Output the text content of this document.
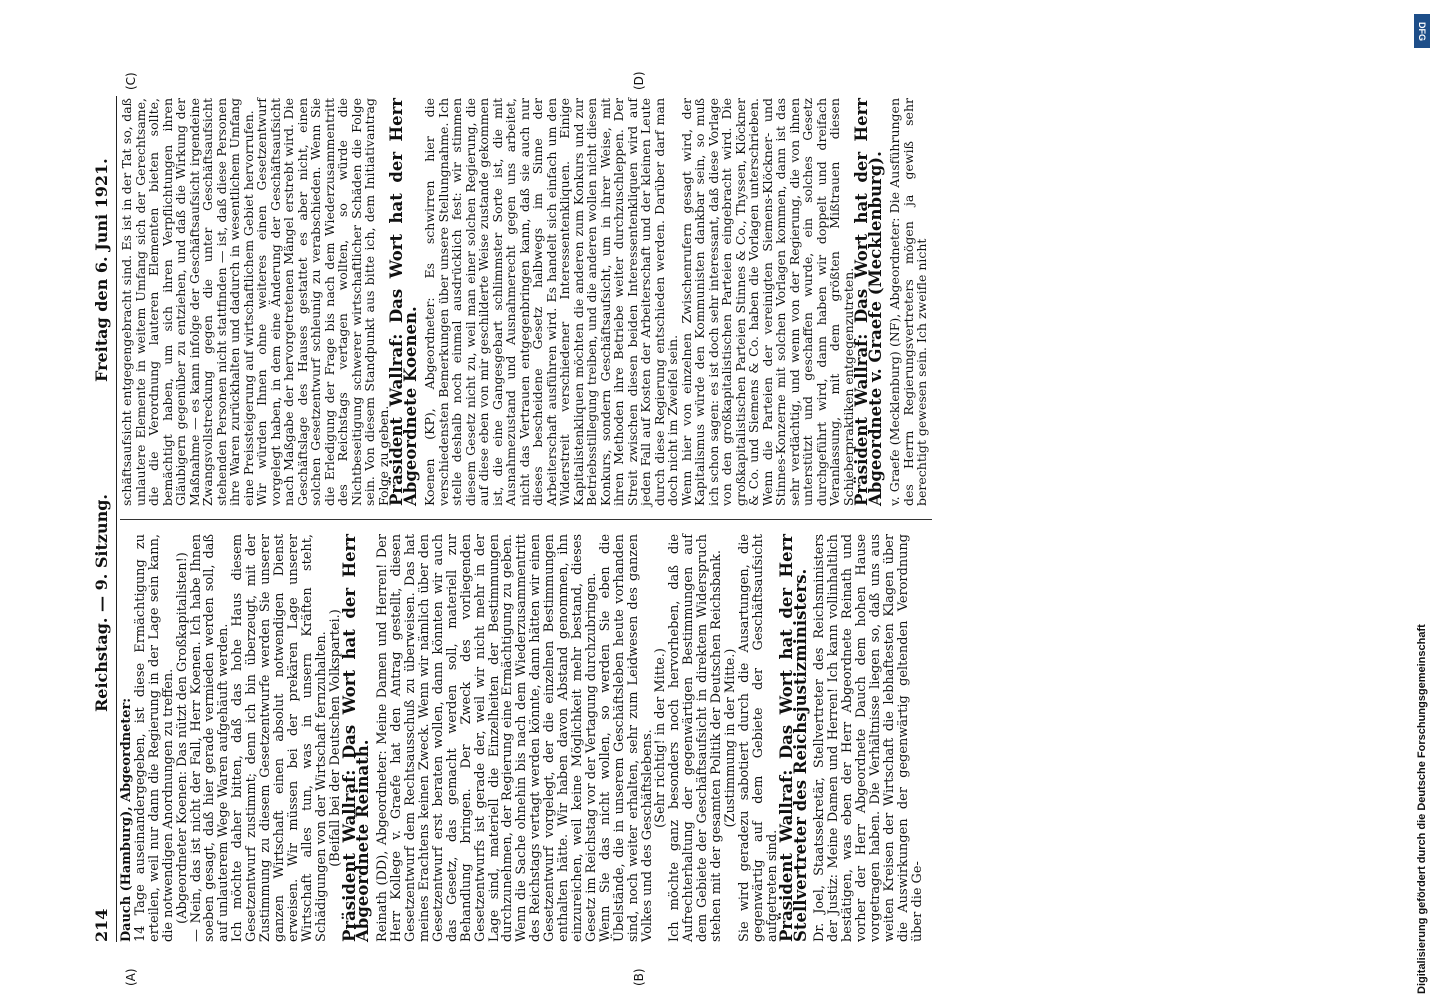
214
Reichstag. — 9. Sitzung.
Freitag den 6. Juni 1921.
(A)	(B)
(C)	(D)

Dauch (Hamburg), Abgeordneter:

14 Tage auseinandergegeben, ist diese Ermächtigung zu erteilen, weil nur dann die Regierung in der Lage sein kann, die notwendigen Anordnungen zu treffen.

(Abgeordneter Koenen: Das nützt den Großkapitalisten!)

— Nein, das ist nicht der Fall, Herr Koenen. Ich habe Ihnen soeben gesagt, daß hier gerade vermieden werden soll, daß auf unlauterem Wege Waren aufgehäuft werden.

Ich möchte daher bitten, daß das hohe Haus diesem Gesetzentwurf zustimmt; denn ich bin überzeugt, mit der Zustimmung zu diesem Gesetzentwurfe werden Sie unserer ganzen Wirtschaft einen absolut notwendigen Dienst erweisen. Wir müssen bei der prekären Lage unserer Wirtschaft alles tun, was in unsern Kräften steht, Schädigungen von der Wirtschaft fernzuhalten.

(Beifall bei der Deutschen Volkspartei.)

Präsident Wallraf: Das Wort hat der Herr Abgeordnete Reinath. Reinath (DD), Abgeordneter: Meine Damen und Herren! Der Herr Kollege v. Graefe hat den Antrag gestellt, diesen Gesetzentwurf dem Rechtsausschuß zu überweisen. Das hat meines Erachtens keinen Zweck. Wenn wir nämlich über den Gesetzentwurf erst beraten wollen, dann könnten wir auch das Gesetz, das gemacht werden soll, materiell zur Behandlung bringen. Der Zweck des vorliegenden Gesetzentwurfs ist gerade der, weil wir nicht mehr in der Lage sind, materiell die Einzelheiten der Bestimmungen durchzunehmen, der Regierung eine Ermächtigung zu geben. Wenn die Sache ohnehin bis nach dem Wiederzusammentritt des Reichstags vertagt werden könnte, dann hätten wir einen Gesetzentwurf vorgelegt, der die einzelnen Bestimmungen enthalten hätte. Wir haben davon Abstand genommen, ihn einzureichen, weil keine Möglichkeit mehr bestand, dieses Gesetz im Reichstag vor der Vertagung durchzubringen.

Wenn Sie das nicht wollen, so werden Sie eben die Übelstände, die in unserem Geschäftsleben heute vorhanden sind, noch weiter erhalten, sehr zum Leidwesen des ganzen Volkes und des Geschäftslebens.

(Sehr richtig! in der Mitte.)

Ich möchte ganz besonders noch hervorheben, daß die Aufrechterhaltung der gegenwärtigen Bestimmungen auf dem Gebiete der Geschäftsaufsicht in direktem Widerspruch stehen mit der gesamten Politik der Deutschen Reichsbank.

(Zustimmung in der Mitte.)

Sie wird geradezu sabotiert durch die Ausartungen, die gegenwärtig auf dem Gebiete der Geschäftsaufsicht aufgetreten sind.

Präsident Wallraf: Das Wort hat der Herr Stellvertreter des Reichsjustizministers. Dr. Joel, Staatssekretär, Stellvertreter des Reichsministers der Justiz: Meine Damen und Herren! Ich kann vollinhaltlich bestätigen, was eben der Herr Abgeordnete Reinath und vorher der Herr Abgeordnete Dauch dem hohen Hause vorgetragen haben. Die Verhältnisse liegen so, daß uns aus weiten Kreisen der Wirtschaft die lebhaftesten Klagen über die Auswirkungen der gegenwärtig geltenden Verordnung über die Ge-

schäftsaufsicht entgegengebracht sind. Es ist in der Tat so, daß unlautere Elemente in weitem Umfang sich der Gerechtsame, die die Verordnung lauteren Elementen bieten sollte, bemächtigt haben, um sich ihren Verpflichtungen ihren Gläubigern gegenüber zu entziehen, und daß die Wirkung der Maßnahme — es kann infolge der Geschäftsaufsicht irgendeine Zwangsvollstreckung gegen die unter Geschäftsaufsicht stehenden Personen nicht stattfinden — ist, daß diese Personen ihre Waren zurückhalten und dadurch in wesentlichem Umfang eine Preissteigerung auf wirtschaftlichem Gebiet hervorrufen.

Wir würden Ihnen ohne weiteres einen Gesetzentwurf vorgelegt haben, in dem eine Änderung der Geschäftsaufsicht nach Maßgabe der hervorgetretenen Mängel erstrebt wird. Die Geschäftslage des Hauses gestattet es aber nicht, einen solchen Gesetzentwurf schleunig zu verabschieden. Wenn Sie die Erledigung der Frage bis nach dem Wiederzusammentritt des Reichstags vertagen wollten, so würde die Nichtbeseitigung schwerer wirtschaftlicher Schäden die Folge sein. Von diesem Standpunkt aus bitte ich, dem Initiativantrag Folge zu geben.

Präsident Wallraf: Das Wort hat der Herr Abgeordnete Koenen. Koenen (KP), Abgeordneter: Es schwirren hier die verschiedensten Bemerkungen über unsere Stellungnahme. Ich stelle deshalb noch einmal ausdrücklich fest: wir stimmen diesem Gesetz nicht zu, weil man einer solchen Regierung, die auf diese eben von mir geschilderte Weise zustande gekommen ist, die eine Gangesgebart schlimmster Sorte ist, die mit Ausnahmezustand und Ausnahmerecht gegen uns arbeitet, nicht das Vertrauen entgegenbringen kann, daß sie auch nur dieses bescheidene Gesetz halbwegs im Sinne der Arbeiterschaft ausführen wird. Es handelt sich einfach um den Widerstreit verschiedener Interessentenkliquen. Einige Kapitalistenkliquen möchten die anderen zum Konkurs und zur Betriebsstillegung treiben, und die anderen wollen nicht diesen Konkurs, sondern Geschäftsaufsicht, um in ihrer Weise, mit ihren Methoden ihre Betriebe weiter durchzuschleppen. Der Streit zwischen diesen beiden Interessentenkliquen wird auf jeden Fall auf Kosten der Arbeiterschaft und der kleinen Leute durch diese Regierung entschieden werden. Darüber darf man doch nicht im Zweifel sein.

Wenn hier von einzelnen Zwischenrufern gesagt wird, der Kapitalismus würde den Kommunisten dankbar sein, so muß ich schon sagen: es ist doch sehr interessant, daß diese Vorlage von den großkapitalistischen Parteien eingebracht wird. Die großkapitalistischen Parteien Stinnes & Co., Thyssen, Klöckner & Co. und Siemens & Co. haben die Vorlagen unterschrieben. Wenn die Parteien der vereinigten Siemens-Klöckner- und Stinnes-Konzerne mit solchen Vorlagen kommen, dann ist das sehr verdächtig, und wenn von der Regierung, die von ihnen unterstützt und geschaffen wurde, ein solches Gesetz durchgeführt wird, dann haben wir doppelt und dreifach Veranlassung, mit dem größten Mißtrauen diesen Schieberpraktiken entgegenzutreten.

Präsident Wallraf: Das Wort hat der Herr Abgeordnete v. Graefe (Mecklenburg). v. Graefe (Mecklenburg) (NF), Abgeordneter: Die Ausführungen des Herrn Regierungsvertreters mögen ja gewiß sehr berechtigt gewesen sein. Ich zweifle nicht

DFG
Digitalisierung gefördert durch die Deutsche Forschungsgemeinschaft
